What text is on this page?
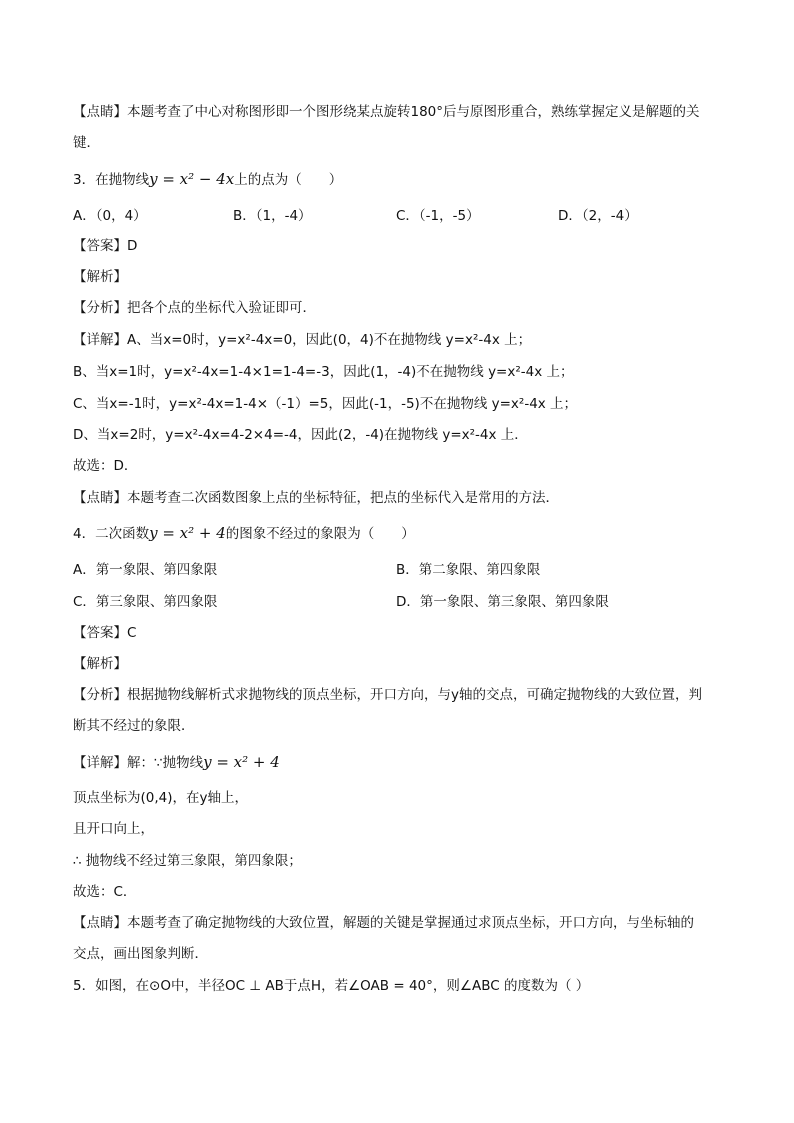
【点睛】本题考查了中心对称图形即一个图形绕某点旋转180°后与原图形重合，熟练掌握定义是解题的关
键．
3．在抛物线y = x² − 4x上的点为（　　）
A．（0，4）	B．（1，-4）	C．（-1，-5）	D．（2，-4）
【答案】D
【解析】
【分析】把各个点的坐标代入验证即可．
【详解】A、当x=0时，y=x²-4x=0，因此(0，4)不在抛物线 y=x²-4x 上；
B、当x=1时，y=x²-4x=1-4×1=1-4=-3，因此(1，-4)不在抛物线 y=x²-4x 上；
C、当x=-1时，y=x²-4x=1-4×（-1）=5，因此(-1，-5)不在抛物线 y=x²-4x 上；
D、当x=2时，y=x²-4x=4-2×4=-4，因此(2，-4)在抛物线 y=x²-4x 上．
故选：D．
【点睛】本题考查二次函数图象上点的坐标特征，把点的坐标代入是常用的方法．
4．二次函数y = x² + 4的图象不经过的象限为（　　）
A．第一象限、第四象限	B．第二象限、第四象限
C．第三象限、第四象限	D．第一象限、第三象限、第四象限
【答案】C
【解析】
【分析】根据抛物线解析式求抛物线的顶点坐标，开口方向，与y轴的交点，可确定抛物线的大致位置，判
断其不经过的象限．
【详解】解：∵抛物线y = x² + 4
顶点坐标为(0,4)，在y轴上，
且开口向上，
∴ 抛物线不经过第三象限，第四象限；
故选：C．
【点睛】本题考查了确定抛物线的大致位置，解题的关键是掌握通过求顶点坐标，开口方向，与坐标轴的
交点，画出图象判断．
5．如图，在⊙O中，半径OC ⊥ AB于点H，若∠OAB = 40°，则∠ABC 的度数为（ ）
